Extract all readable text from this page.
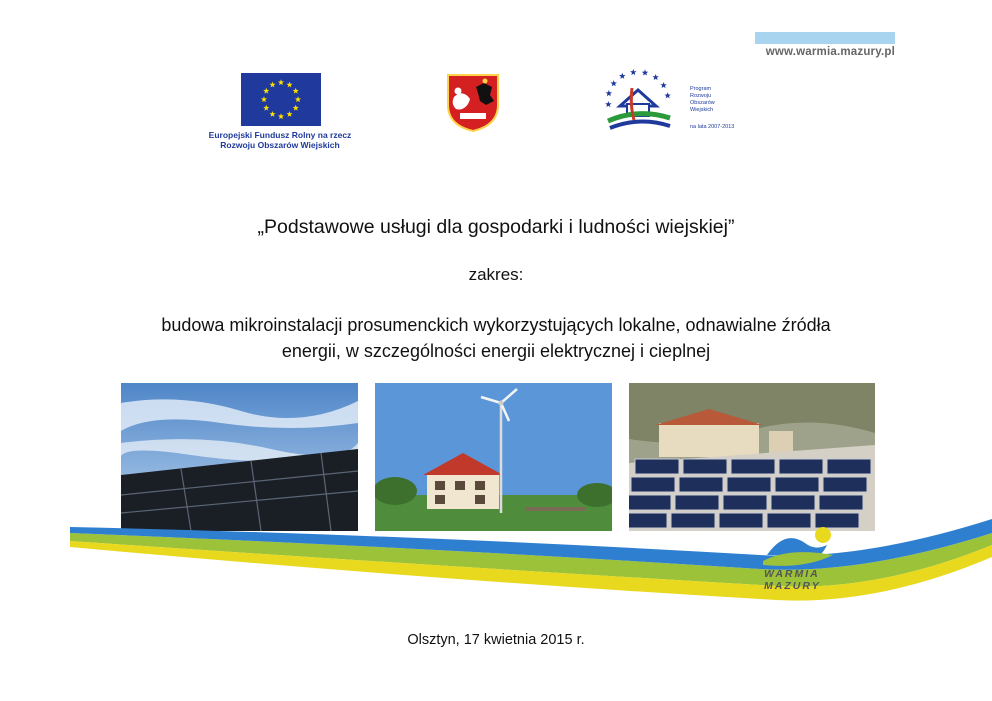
www.warmia.mazury.pl
Europejski Fundusz Rolny na rzecz
Rozwoju Obszarów Wiejskich
Program
Rozwoju
Obszarów
Wiejskich
na lata 2007-2013
„Podstawowe usługi dla gospodarki i ludności wiejskiej”
zakres:
budowa mikroinstalacji prosumenckich wykorzystujących lokalne, odnawialne źródła
energii, w szczególności energii elektrycznej i cieplnej
WARMIA
MAZURY
Olsztyn, 17 kwietnia 2015 r.
